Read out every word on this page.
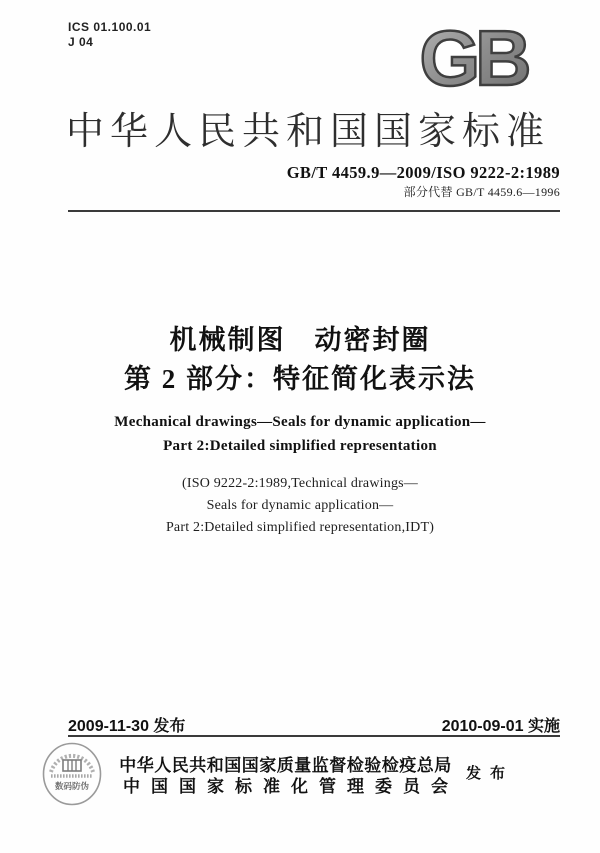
ICS 01.100.01
J 04	GB
中华人民共和国国家标准
GB/T 4459.9—2009/ISO 9222-2:1989
部分代替 GB/T 4459.6—1996
机械制图　动密封圈
第 2 部分：特征简化表示法
Mechanical drawings—Seals for dynamic application—
Part 2:Detailed simplified representation
(ISO 9222-2:1989,Technical drawings—
Seals for dynamic application—
Part 2:Detailed simplified representation,IDT)
2009-11-30 发布	2010-09-01 实施
数码防伪
中华人民共和国国家质量监督检验检疫总局
中国国家标准化管理委员会
发布
